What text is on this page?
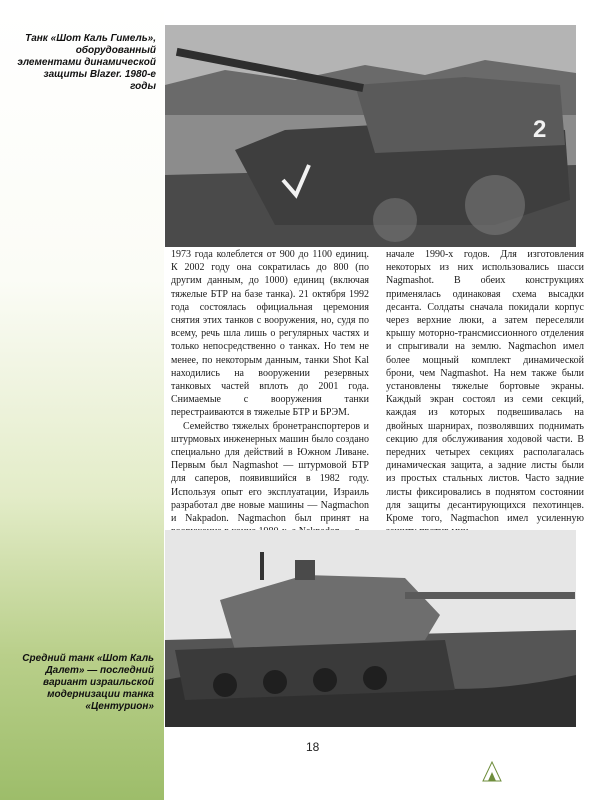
2
Танк «Шот Каль Гимель», оборудованный элементами динамической защиты Blazer. 1980-е годы

1973 года колеблется от 900 до 1100 единиц. К 2002 году она сократилась до 800 (по другим данным, до 1000) единиц (включая тяжелые БТР на базе танка). 21 октября 1992 года состоялась официальная церемония снятия этих танков с вооружения, но, судя по всему, речь шла лишь о регулярных частях и только непосредственно о танках. Но тем не менее, по некоторым данным, танки Shot Kal находились на вооружении резервных танковых частей вплоть до 2001 года. Снимаемые с вооружения танки перестраиваются в тяжелые БТР и БРЭМ.

Семейство тяжелых бронетранспортеров и штурмовых инженерных машин было создано специально для действий в Южном Ливане. Первым был Nagmashot — штурмовой БТР для саперов, появившийся в 1982 году. Используя опыт его эксплуатации, Израиль разработал две новые машины — Nagmachon и Nakpadon. Nagmachon был принят на

начале 1990-х годов. Для изготовления некоторых из них использовались шасси Nagmashot. В обеих конструкциях применялась одинаковая схема высадки десанта. Солдаты сначала покидали корпус через верхние люки, а затем переселяли крышу моторно-трансмиссионного отделения и спрыгивали на землю. Nagmachon имел более мощный комплект динамической брони, чем Nagmashot. На нем также были установлены тяжелые бортовые экраны. Каждый экран состоял из семи секций, каждая из которых подвешивалась на двойных шарнирах, позволявших поднимать секцию для обслуживания ходовой части. В передних четырех секциях располагалась динамическая защита, а задние листы были из простых стальных листов. Часто задние листы фиксировались в поднятом состоянии для защиты десантирующихся пехотинцев. Кроме того, Nagmachon имел усиленную

Средний танк «Шот Каль Далет» — последний вариант израильской модернизации танка «Центурион»
18
абиринт
